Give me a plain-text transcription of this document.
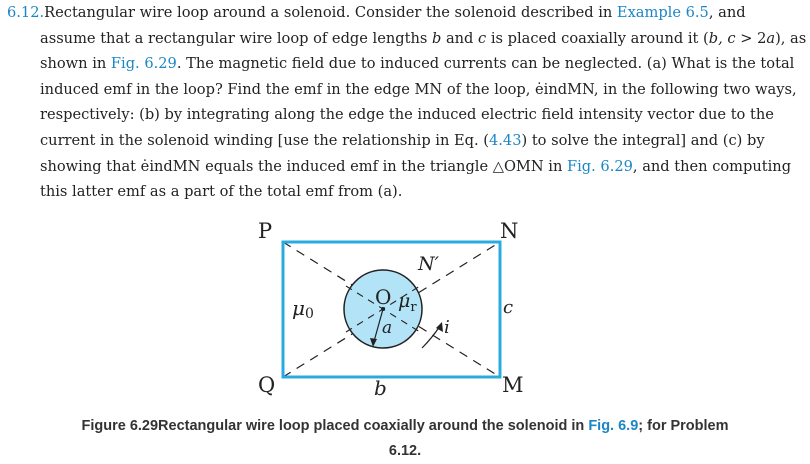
6.12.Rectangular wire loop around a solenoid. Consider the solenoid described in Example 6.5, and
assume that a rectangular wire loop of edge lengths b and c is placed coaxially around it (b, c > 2a), as
shown in Fig. 6.29. The magnetic field due to induced currents can be neglected. (a) What is the total
induced emf in the loop? Find the emf in the edge MN of the loop, ėindMN, in the following two ways,
respectively: (b) by integrating along the edge the induced electric field intensity vector due to the
current in the solenoid winding [use the relationship in Eq. (4.43) to solve the integral] and (c) by
showing that ėindMN equals the induced emf in the triangle △OMN in Fig. 6.29, and then computing
this latter emf as a part of the total emf from (a).
P	N
Q	M
O
N′
μ0
$\mu_r$
a	i
b
c
Figure 6.29Rectangular wire loop placed coaxially around the solenoid in Fig. 6.9; for Problem
6.12.
